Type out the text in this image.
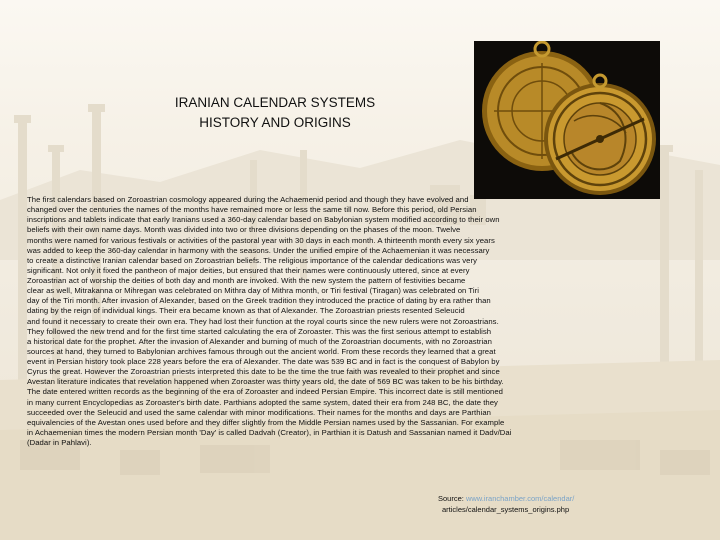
IRANIAN CALENDAR SYSTEMS
HISTORY AND ORIGINS
The first calendars based on Zoroastrian cosmology appeared during the Achaemenid period and though they have evolved and
changed over the centuries the names of the months have remained more or less the same till now. Before this period, old Persian
inscriptions and tablets indicate that early Iranians used a 360-day calendar based on Babylonian system modified according to their own
beliefs with their own name days. Month was divided into two or three divisions depending on the phases of the moon. Twelve
months were named for various festivals or activities of the pastoral year with 30 days in each month. A thirteenth month every six years
was added to keep the 360-day calendar in harmony with the seasons. Under the unified empire of the Achaemenian it was necessary
to create a distinctive Iranian calendar based on Zoroastrian beliefs. The religious importance of the calendar dedications was very
significant. Not only it fixed the pantheon of major deities, but ensured that their names were continuously uttered, since at every
Zoroastrian act of worship the deities of both day and month are invoked. With the new system the pattern of festivities became
clear as well, Mitrakanna or Mihregan was celebrated on Mithra day of Mithra month, or Tiri festival (Tiragan) was celebrated on Tiri
day of the Tiri month. After invasion of Alexander, based on the Greek tradition they introduced the practice of dating by era rather than
dating by the reign of individual kings. Their era became known as that of Alexander. The Zoroastrian priests resented Seleucid
and found it necessary to create their own era. They had lost their function at the royal courts since the new rulers were not Zoroastrians.
They followed the new trend and for the first time started calculating the era of Zoroaster. This was the first serious attempt to establish
a historical date for the prophet. After the invasion of Alexander and burning of much of the Zoroastrian documents, with no Zoroastrian
sources at hand, they turned to Babylonian archives famous through out the ancient world. From these records they learned that a great
event in Persian history took place 228 years before the era of Alexander. The date was 539 BC and in fact is the conquest of Babylon by
Cyrus the great. However the Zoroastrian priests interpreted this date to be the time the true faith was revealed to their prophet and since
Avestan literature indicates that revelation happened when Zoroaster was thirty years old, the date of 569 BC was taken to be his birthday.
The date entered written records as the beginning of the era of Zoroaster and indeed Persian Empire. This incorrect date is still mentioned
in many current Encyclopedias as Zoroaster's birth date. Parthians adopted the same system, dated their era from 248 BC, the date they
succeeded over the Seleucid and used the same calendar with minor modifications. Their names for the months and days are Parthian
equivalencies of the Avestan ones used before and they differ slightly from the Middle Persian names used by the Sassanian. For example
in Achaemenian times the modern Persian month 'Day' is called Dadvah (Creator), in Parthian it is Datush and Sassanian named it Dadv/Dai
(Dadar in Pahlavi).
Source: www.iranchamber.com/calendar/
articles/calendar_systems_origins.php
